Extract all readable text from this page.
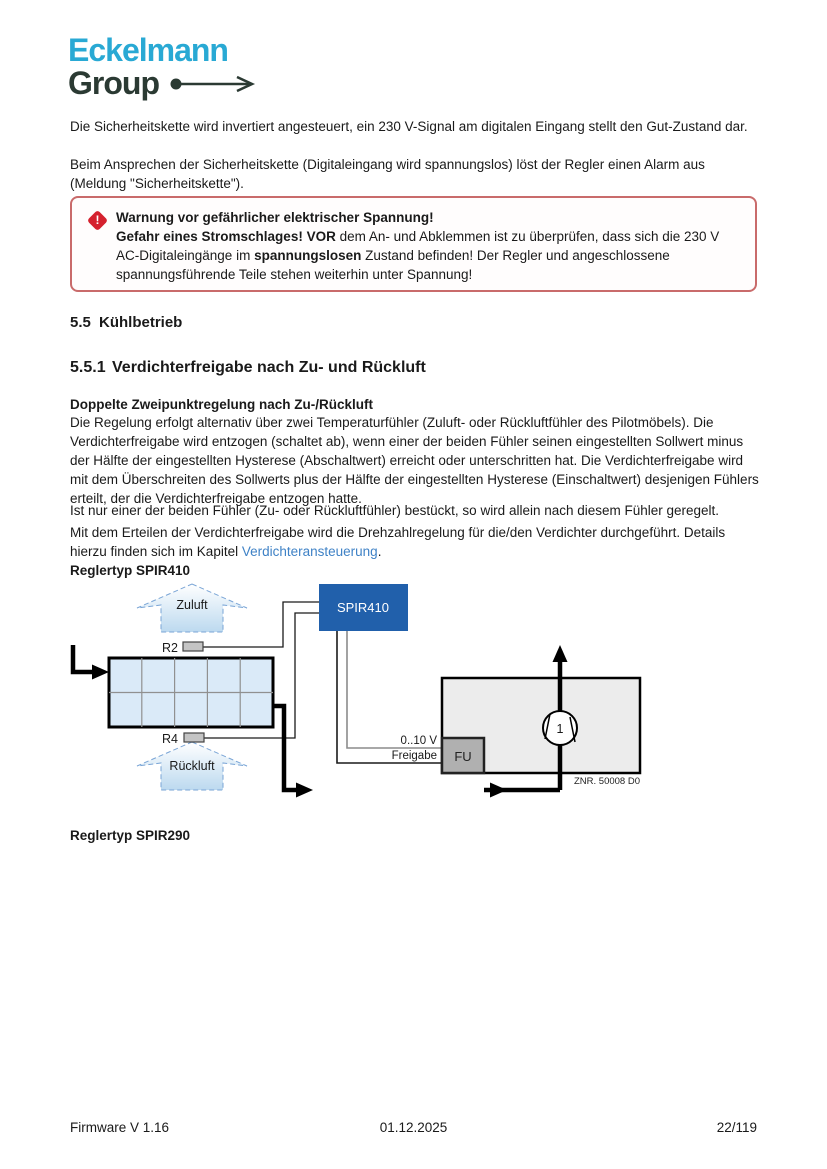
Eckelmann
Group
Die Sicherheitskette wird invertiert angesteuert, ein 230 V-Signal am digitalen Eingang stellt den Gut-Zustand dar.
Beim Ansprechen der Sicherheitskette (Digitaleingang wird spannungslos) löst der Regler einen Alarm aus (Meldung "Sicherheitskette").
!	Warnung vor gefährlicher elektrischer Spannung!
Gefahr eines Stromschlages! VOR dem An- und Abklemmen ist zu überprüfen, dass sich die 230 V AC-Digitaleingänge im spannungslosen Zustand befinden! Der Regler und angeschlossene spannungsführende Teile stehen weiterhin unter Spannung!
5.5 Kühlbetrieb
5.5.1 Verdichterfreigabe nach Zu- und Rückluft
Doppelte Zweipunktregelung nach Zu-/Rückluft
Die Regelung erfolgt alternativ über zwei Temperaturfühler (Zuluft- oder Rückluftfühler des Pilotmöbels). Die Verdichterfreigabe wird entzogen (schaltet ab), wenn einer der beiden Fühler seinen eingestellten Sollwert minus der Hälfte der eingestellten Hysterese (Abschaltwert) erreicht oder unterschritten hat. Die Verdichterfreigabe wird mit dem Überschreiten des Sollwerts plus der Hälfte der eingestellten Hysterese (Einschaltwert) desjenigen Fühlers erteilt, der die Verdichterfreigabe entzogen hatte.
Ist nur einer der beiden Fühler (Zu- oder Rückluftfühler) bestückt, so wird allein nach diesem Fühler geregelt.
Mit dem Erteilen der Verdichterfreigabe wird die Drehzahlregelung für die/den Verdichter durchgeführt. Details hierzu finden sich im Kapitel Verdichteransteuerung.
Reglertyp SPIR410
Zuluft
Rückluft
R2
R4	0..10 V
Freigabe
1
FU
SPIR410
ZNR. 50008 D0
Reglertyp SPIR290
Firmware V 1.16	01.12.2025	22/119
